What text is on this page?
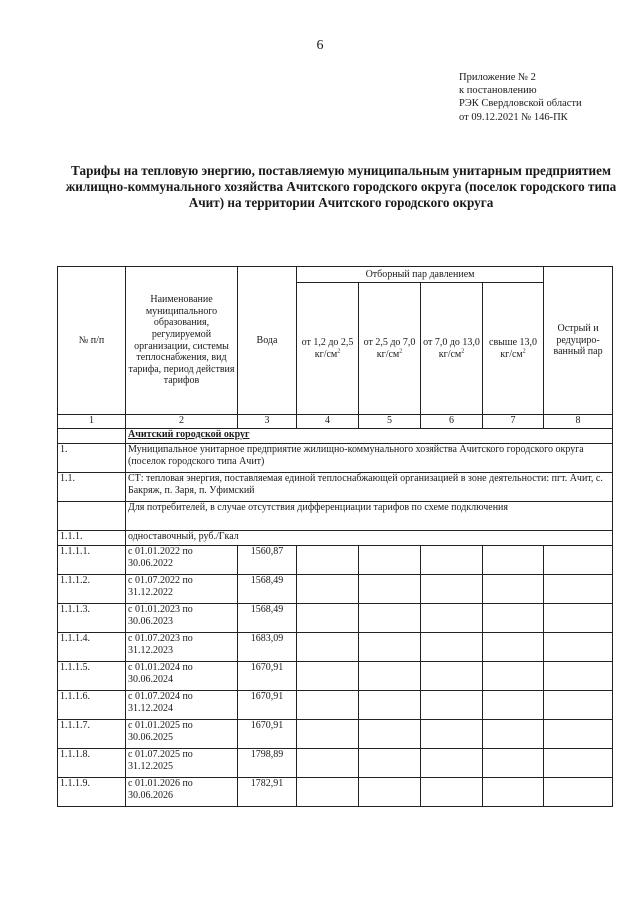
6
Приложение № 2
к постановлению
РЭК Свердловской области
от 09.12.2021 № 146-ПК
Тарифы на тепловую энергию, поставляемую муниципальным унитарным предприятием жилищно-коммунального хозяйства Ачитского городского округа (поселок городского типа Ачит) на территории Ачитского городского округа
№ п/п	Наименование муниципального образования, регулируемой организации, системы теплоснабжения, вид тарифа, период действия тарифов	Вода	Отборный пар давлением				Острый и редуциро-ванный пар
			от 1,2 до 2,5 $кг/см^2$	от 2,5 до 7,0 $кг/см^2$	от 7,0 до 13,0 $кг/см^2$	свыше 13,0 $кг/см^2$
1	2	3	4	5	6	7	8
	Ачитский городской округ						
1.	Муниципальное унитарное предприятие жилищно-коммунального хозяйства Ачитского городского округа (поселок городского типа Ачит)						
1.1.	СТ: тепловая энергия, поставляемая единой теплоснабжающей организацией в зоне деятельности: пгт. Ачит, с. Бакряж, п. Заря, п. Уфимский						
	Для потребителей, в случае отсутствия дифференциации тарифов по схеме подключения						
1.1.1.	одноставочный, руб./Гкал						
1.1.1.1.	с 01.01.2022 по 30.06.2022	1560,87					
1.1.1.2.	с 01.07.2022 по 31.12.2022	1568,49					
1.1.1.3.	с 01.01.2023 по 30.06.2023	1568,49					
1.1.1.4.	с 01.07.2023 по 31.12.2023	1683,09					
1.1.1.5.	с 01.01.2024 по 30.06.2024	1670,91					
1.1.1.6.	с 01.07.2024 по 31.12.2024	1670,91					
1.1.1.7.	с 01.01.2025 по 30.06.2025	1670,91					
1.1.1.8.	с 01.07.2025 по 31.12.2025	1798,89					
1.1.1.9.	с 01.01.2026 по 30.06.2026	1782,91					
